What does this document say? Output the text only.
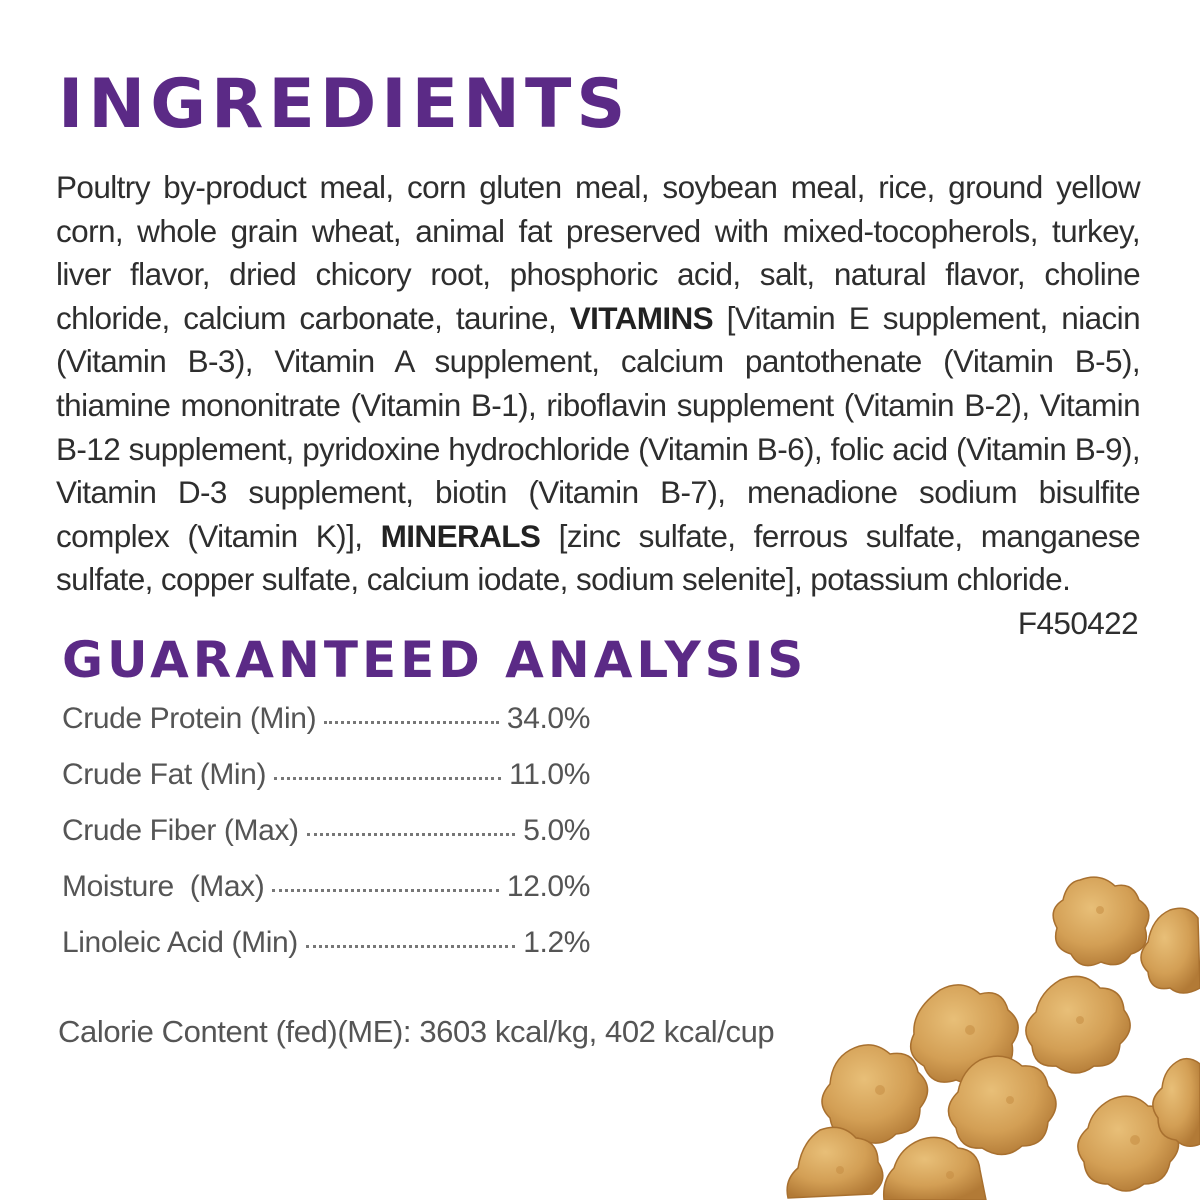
INGREDIENTS

Poultry by-product meal, corn gluten meal, soybean meal, rice, ground yellow corn, whole grain wheat, animal fat preserved with mixed-tocopherols, turkey, liver flavor, dried chicory root, phosphoric acid, salt, natural flavor, choline chloride, calcium carbonate, taurine, VITAMINS [Vitamin E supplement, niacin (Vitamin B-3), Vitamin A supplement, calcium pantothenate (Vitamin B-5), thiamine mononitrate (Vitamin B-1), riboflavin supplement (Vitamin B-2), Vitamin B-12 supplement, pyridoxine hydrochloride (Vitamin B-6), folic acid (Vitamin B-9), Vitamin D-3 supplement, biotin (Vitamin B-7), menadione sodium bisulfite complex (Vitamin K)], MINERALS [zinc sulfate, ferrous sulfate, manganese sulfate, copper sulfate, calcium iodate, sodium selenite], potassium chloride.
F450422

GUARANTEED ANALYSIS
Crude Protein (Min)	34.0%
Crude Fat (Min)	11.0%
Crude Fiber (Max)	5.0%
Moisture  (Max)	12.0%
Linoleic Acid (Min)	1.2%

Calorie Content (fed)(ME): 3603 kcal/kg, 402 kcal/cup
